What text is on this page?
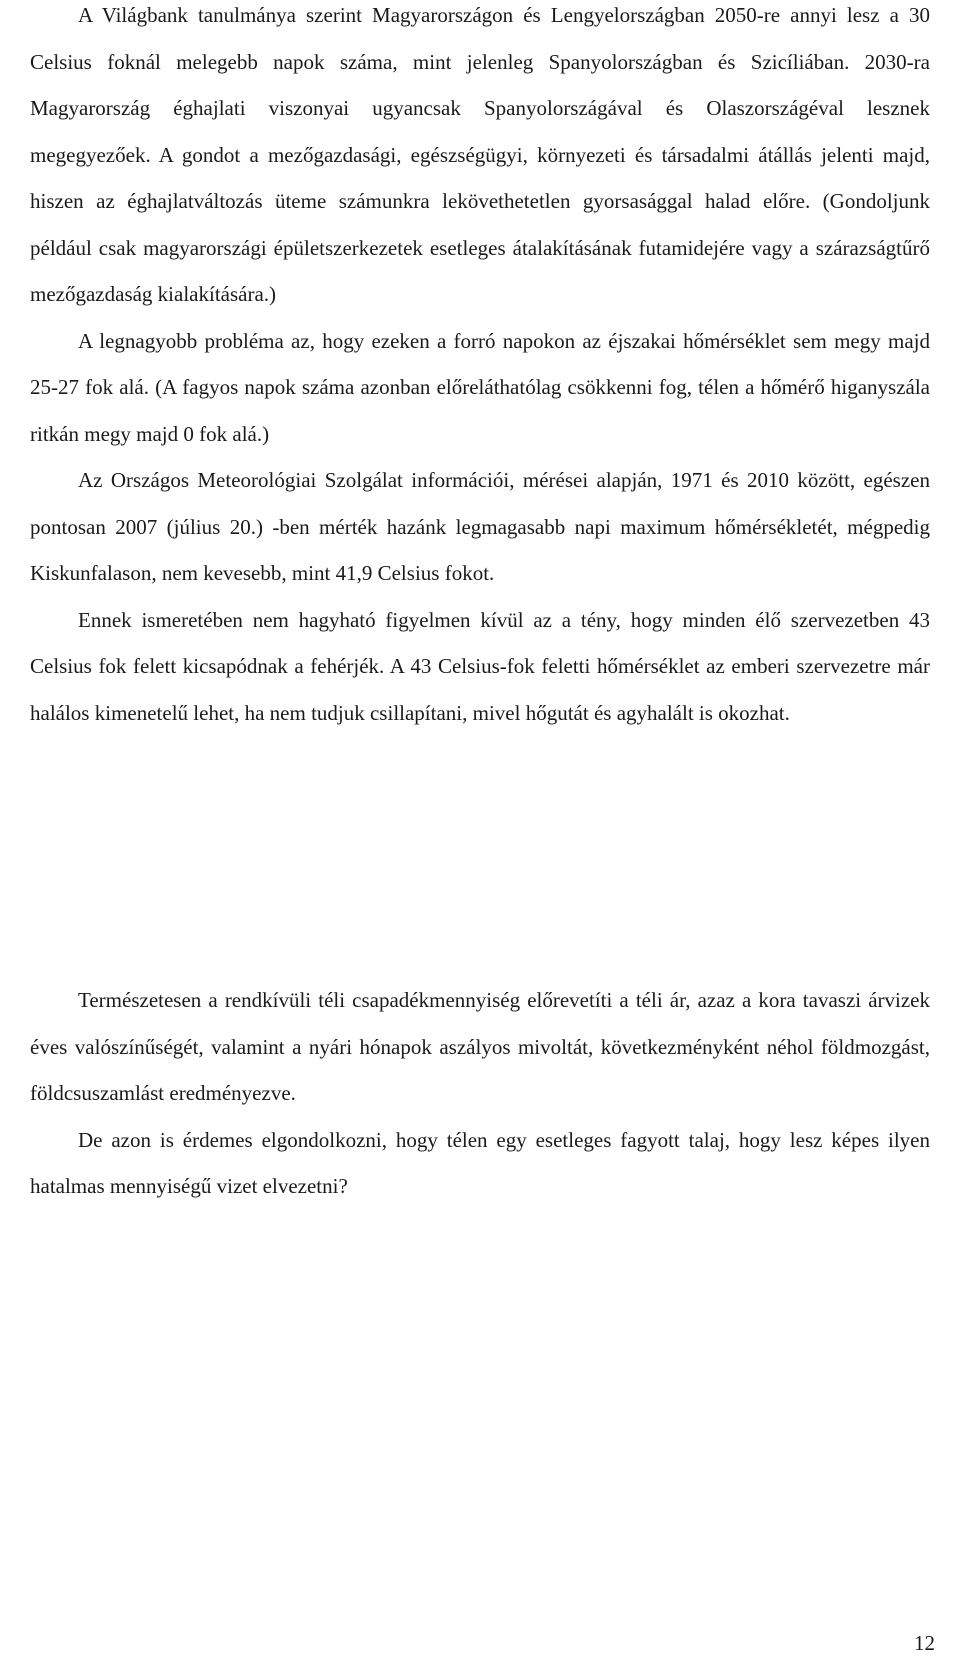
A Világbank tanulmánya szerint Magyarországon és Lengyelországban 2050-re annyi lesz a 30 Celsius foknál melegebb napok száma, mint jelenleg Spanyolországban és Szicíliában. 2030-ra Magyarország éghajlati viszonyai ugyancsak Spanyolországával és Olaszországéval lesznek megegyezőek. A gondot a mezőgazdasági, egészségügyi, környezeti és társadalmi átállás jelenti majd, hiszen az éghajlatváltozás üteme számunkra lekövethetetlen gyorsasággal halad előre. (Gondoljunk például csak magyarországi épületszerkezetek esetleges átalakításának futamidejére vagy a szárazságtűrő mezőgazdaság kialakítására.)

A legnagyobb probléma az, hogy ezeken a forró napokon az éjszakai hőmérséklet sem megy majd 25-27 fok alá. (A fagyos napok száma azonban előreláthatólag csökkenni fog, télen a hőmérő higanyszála ritkán megy majd 0 fok alá.)

Az Országos Meteorológiai Szolgálat információi, mérései alapján, 1971 és 2010 között, egészen pontosan 2007 (július 20.) -ben mérték hazánk legmagasabb napi maximum hőmérsékletét, mégpedig Kiskunfalason, nem kevesebb, mint 41,9 Celsius fokot.

Ennek ismeretében nem hagyható figyelmen kívül az a tény, hogy minden élő szervezetben 43 Celsius fok felett kicsapódnak a fehérjék. A 43 Celsius-fok feletti hőmérséklet az emberi szervezetre már halálos kimenetelű lehet, ha nem tudjuk csillapítani, mivel hőgutát és agyhalált is okozhat.

Természetesen a rendkívüli téli csapadékmennyiség előrevetíti a téli ár, azaz a kora tavaszi árvizek éves valószínűségét, valamint a nyári hónapok aszályos mivoltát, következményként néhol földmozgást, földcsuszamlást eredményezve.

De azon is érdemes elgondolkozni, hogy télen egy esetleges fagyott talaj, hogy lesz képes ilyen hatalmas mennyiségű vizet elvezetni?

12
